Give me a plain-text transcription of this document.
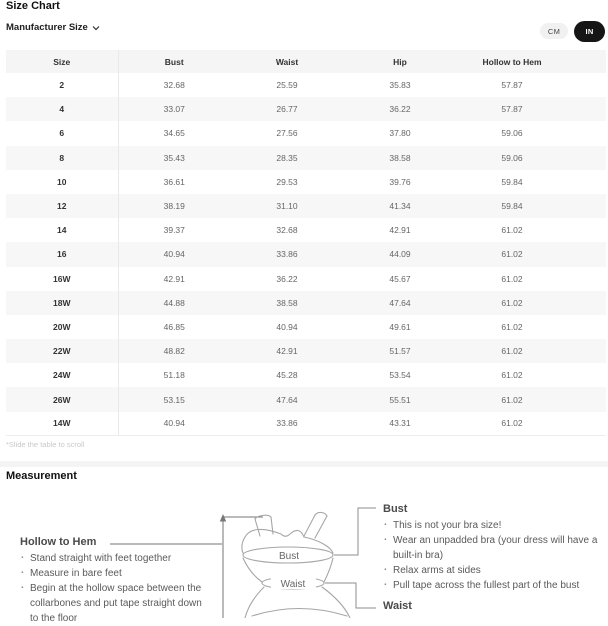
Size Chart
Manufacturer Size	CM	IN
Size	Bust	Waist	Hip	Hollow to Hem
2	32.68	25.59	35.83	57.87
4	33.07	26.77	36.22	57.87
6	34.65	27.56	37.80	59.06
8	35.43	28.35	38.58	59.06
10	36.61	29.53	39.76	59.84
12	38.19	31.10	41.34	59.84
14	39.37	32.68	42.91	61.02
16	40.94	33.86	44.09	61.02
16W	42.91	36.22	45.67	61.02
18W	44.88	38.58	47.64	61.02
20W	46.85	40.94	49.61	61.02
22W	48.82	42.91	51.57	61.02
24W	51.18	45.28	53.54	61.02
26W	53.15	47.64	55.51	61.02
14W	40.94	33.86	43.31	61.02
*Slide the table to scroll
Measurement
Bust
Waist
Hollow to Hem
. Stand straight with feet together
. Measure in bare feet
. Begin at the hollow space between the collarbones and put tape straight down to the floor
Bust
. This is not your bra size!
. Wear an unpadded bra (your dress will have a built-in bra)
. Relax arms at sides
. Pull tape across the fullest part of the bust
Waist
